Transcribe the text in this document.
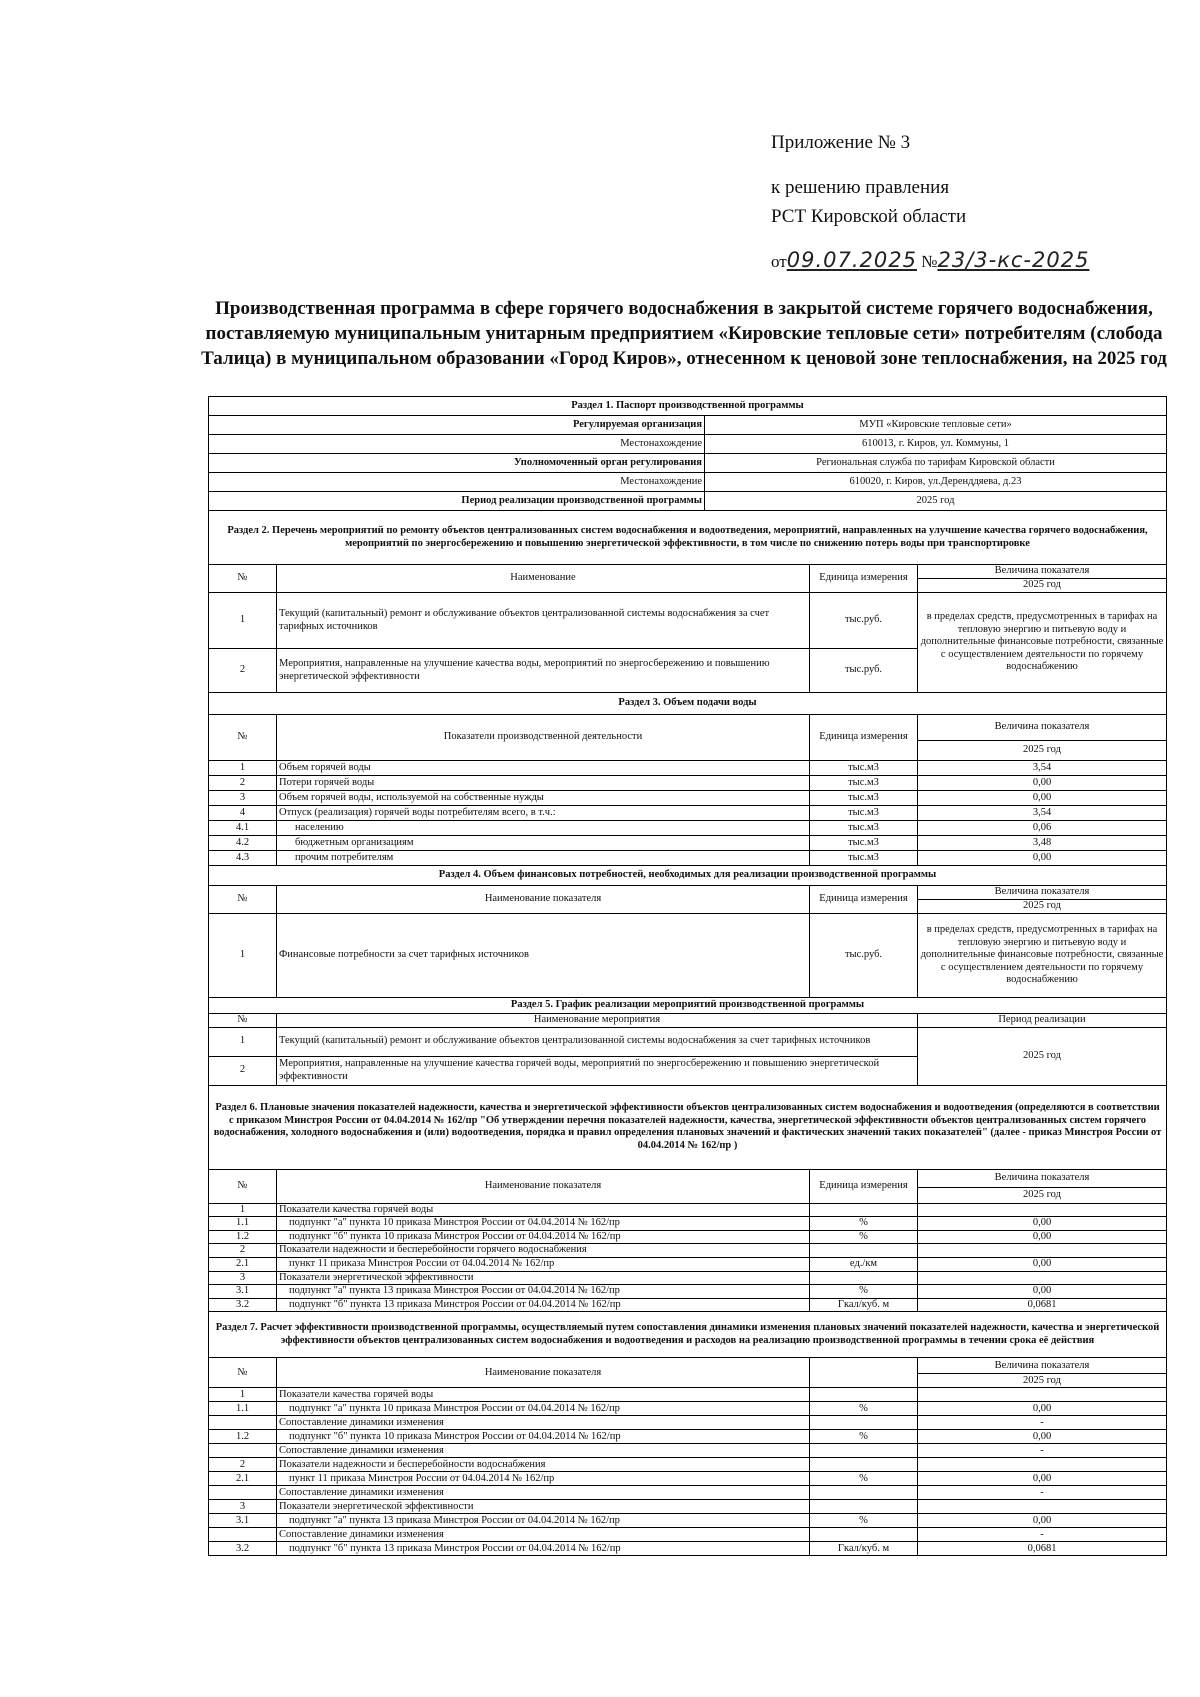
Приложение № 3
к решению правления
РСТ Кировской области
от09.07.2025 №23/3-кс-2025
Производственная программа в сфере горячего водоснабжения в закрытой системе горячего водоснабжения, поставляемую муниципальным унитарным предприятием «Кировские тепловые сети» потребителям (слобода Талица) в муниципальном образовании «Город Киров», отнесенном к ценовой зоне теплоснабжения, на 2025 год
Раздел 1. Паспорт производственной программы				
Регулируемая организация		МУП «Кировские тепловые сети»		
Местонахождение		610013, г. Киров, ул. Коммуны, 1		
Уполномоченный орган регулирования		Региональная служба по тарифам Кировской области		
Местонахождение		610020, г. Киров, ул.Деренддяева, д.23		
Период реализации производственной программы		2025 год		
Раздел 2. Перечень мероприятий по ремонту объектов централизованных систем водоснабжения и водоотведения, мероприятий, направленных на улучшение качества горячего водоснабжения, мероприятий по энергосбережению и повышению энергетической эффективности, в том числе по снижению потерь воды при транспортировке				
№	Наименование		Единица измерения	Величина показателя
				2025 год
1	Текущий (капитальный) ремонт и обслуживание объектов централизованной системы водоснабжения за счет тарифных источников		тыс.руб.	в пределах средств, предусмотренных в тарифах на тепловую энергию и питьевую воду и дополнительные финансовые потребности, связанные с осуществлением деятельности по горячему водоснабжению
2	Мероприятия, направленные на улучшение качества воды, мероприятий по энергосбережению и повышению энергетической эффективности		тыс.руб.	
Раздел 3. Объем подачи воды				
№	Показатели производственной деятельности		Единица измерения	Величина показателя
				2025 год
1	Объем горячей воды		тыс.м3	3,54
2	Потери горячей воды		тыс.м3	0,00
3	Объем горячей воды, используемой на собственные нужды		тыс.м3	0,00
4	Отпуск (реализация) горячей воды потребителям всего, в т.ч.:		тыс.м3	3,54
4.1	населению		тыс.м3	0,06
4.2	бюджетным организациям		тыс.м3	3,48
4.3	прочим потребителям		тыс.м3	0,00
Раздел 4. Объем финансовых потребностей, необходимых для реализации производственной программы				
№	Наименование показателя		Единица измерения	Величина показателя
				2025 год
1	Финансовые потребности за счет тарифных источников		тыс.руб.	в пределах средств, предусмотренных в тарифах на тепловую энергию и питьевую воду и дополнительные финансовые потребности, связанные с осуществлением деятельности по горячему водоснабжению
Раздел 5. График реализации мероприятий производственной программы				
№	Наименование мероприятия			Период реализации
1	Текущий (капитальный) ремонт и обслуживание объектов централизованной системы водоснабжения за счет тарифных источников			2025 год
2	Мероприятия, направленные на улучшение качества горячей воды, мероприятий по энергосбережению и повышению энергетической эффективности			
Раздел 6. Плановые значения показателей надежности, качества и энергетической эффективности объектов централизованных систем водоснабжения и водоотведения (определяются в соответствии с приказом Минстроя России от 04.04.2014 № 162/пр "Об утверждении перечня показателей надежности, качества, энергетической эффективности объектов централизованных систем горячего водоснабжения, холодного водоснабжения и (или) водоотведения, порядка и правил определения плановых значений и фактических значений таких показателей" (далее - приказ Минстроя России от 04.04.2014 № 162/пр )				
№	Наименование показателя		Единица измерения	Величина показателя
				2025 год
1	Показатели качества горячей воды			
1.1	подпункт "а" пункта 10 приказа Минстроя России от 04.04.2014 № 162/пр		%	0,00
1.2	подпункт "б" пункта 10 приказа Минстроя России от 04.04.2014 № 162/пр		%	0,00
2	Показатели надежности и бесперебойности горячего водоснабжения			
2.1	пункт 11 приказа Минстроя России от 04.04.2014 № 162/пр		ед./км	0,00
3	Показатели энергетической эффективности			
3.1	подпункт "а" пункта 13 приказа Минстроя России от 04.04.2014 № 162/пр		%	0,00
3.2	подпункт "б" пункта 13 приказа Минстроя России от 04.04.2014 № 162/пр		Гкал/куб. м	0,0681
Раздел 7. Расчет эффективности производственной программы, осуществляемый путем сопоставления динамики изменения плановых значений показателей надежности, качества и энергетической эффективности объектов централизованных систем водоснабжения и водоотведения и расходов на реализацию производственной программы в течении срока её действия				
№	Наименование показателя			Величина показателя
				2025 год
1	Показатели качества горячей воды			
1.1	подпункт "а" пункта 10 приказа Минстроя России от 04.04.2014 № 162/пр		%	0,00
	Сопоставление динамики изменения			-
1.2	подпункт "б" пункта 10 приказа Минстроя России от 04.04.2014 № 162/пр		%	0,00
	Сопоставление динамики изменения			-
2	Показатели надежности и бесперебойности водоснабжения			
2.1	пункт 11 приказа Минстроя России от 04.04.2014 № 162/пр		%	0,00
	Сопоставление динамики изменения			-
3	Показатели энергетической эффективности			
3.1	подпункт "а" пункта 13 приказа Минстроя России от 04.04.2014 № 162/пр		%	0,00
	Сопоставление динамики изменения			-
3.2	подпункт "б" пункта 13 приказа Минстроя России от 04.04.2014 № 162/пр		Гкал/куб. м	0,0681
